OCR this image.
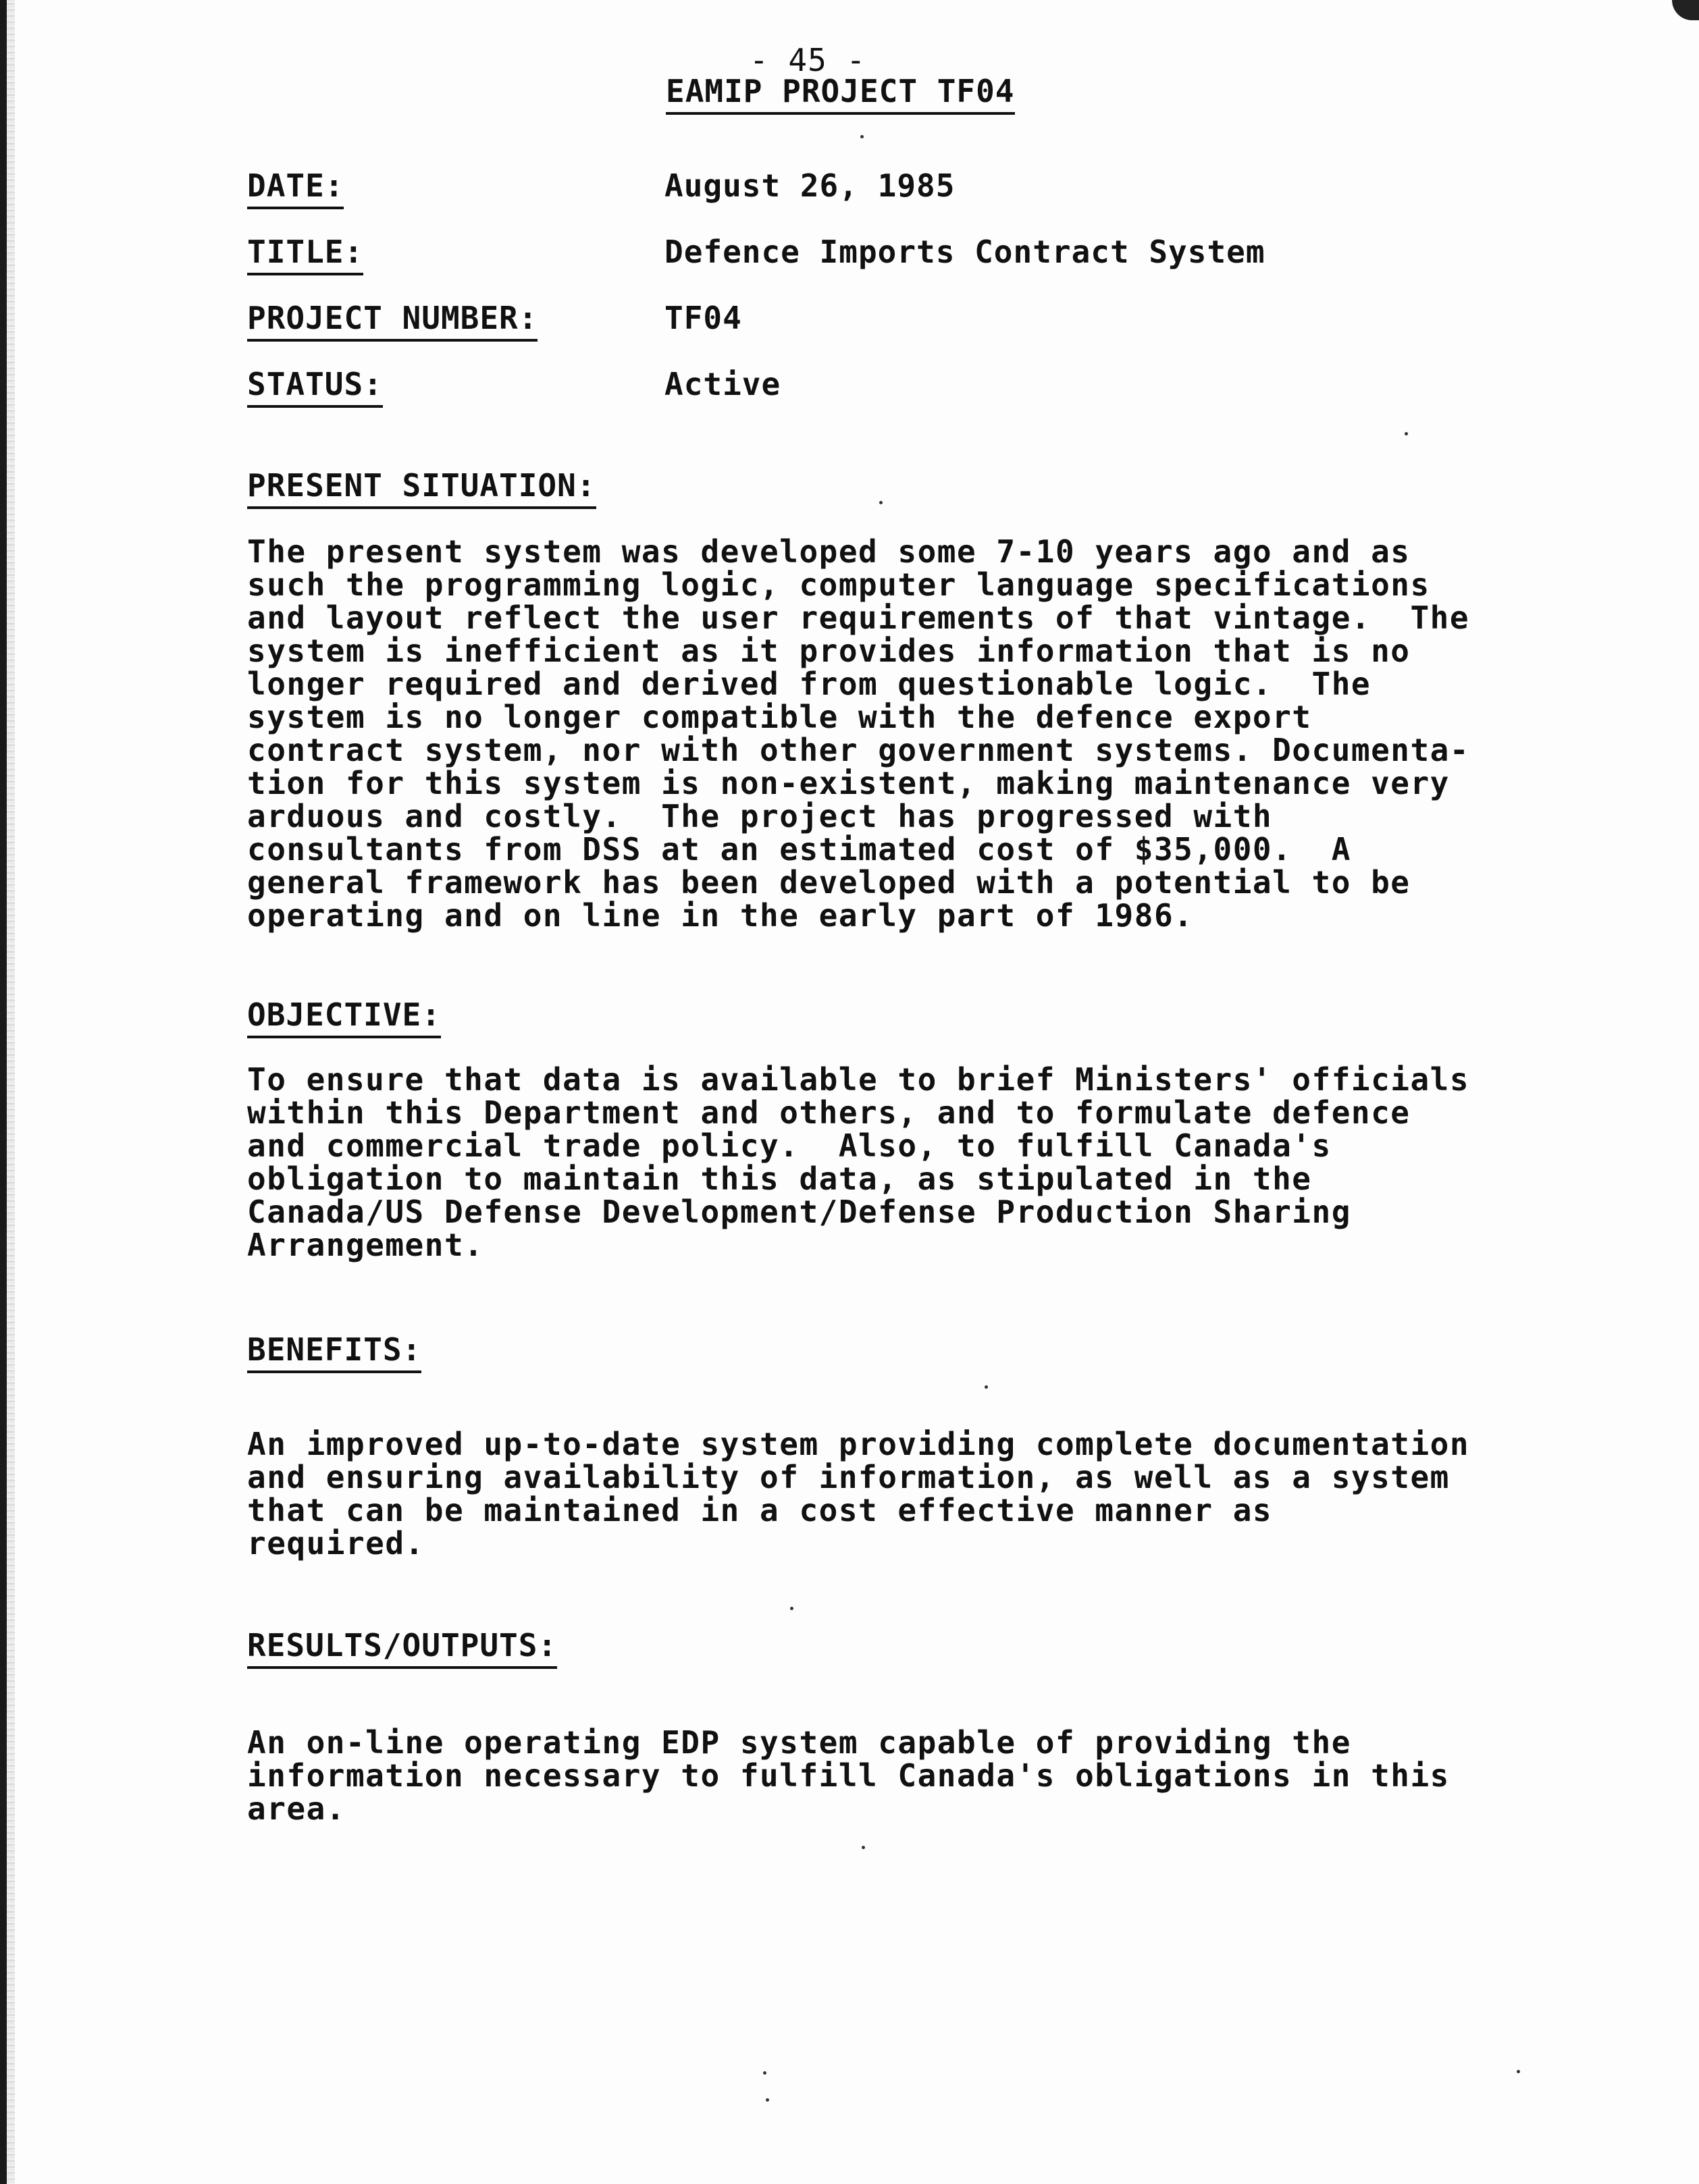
- 45 -
EAMIP PROJECT TF04
DATE:	August 26, 1985
TITLE:	Defence Imports Contract System
PROJECT NUMBER:	TF04
STATUS:	Active
PRESENT SITUATION:
The present system was developed some 7-10 years ago and as
such the programming logic, computer language specifications
and layout reflect the user requirements of that vintage.  The
system is inefficient as it provides information that is no
longer required and derived from questionable logic.  The
system is no longer compatible with the defence export
contract system, nor with other government systems. Documenta-
tion for this system is non-existent, making maintenance very
arduous and costly.  The project has progressed with
consultants from DSS at an estimated cost of $35,000.  A
general framework has been developed with a potential to be
operating and on line in the early part of 1986.
OBJECTIVE:
To ensure that data is available to brief Ministers' officials
within this Department and others, and to formulate defence
and commercial trade policy.  Also, to fulfill Canada's
obligation to maintain this data, as stipulated in the
Canada/US Defense Development/Defense Production Sharing
Arrangement.
BENEFITS:
An improved up-to-date system providing complete documentation
and ensuring availability of information, as well as a system
that can be maintained in a cost effective manner as
required.
RESULTS/OUTPUTS:
An on-line operating EDP system capable of providing the
information necessary to fulfill Canada's obligations in this
area.
